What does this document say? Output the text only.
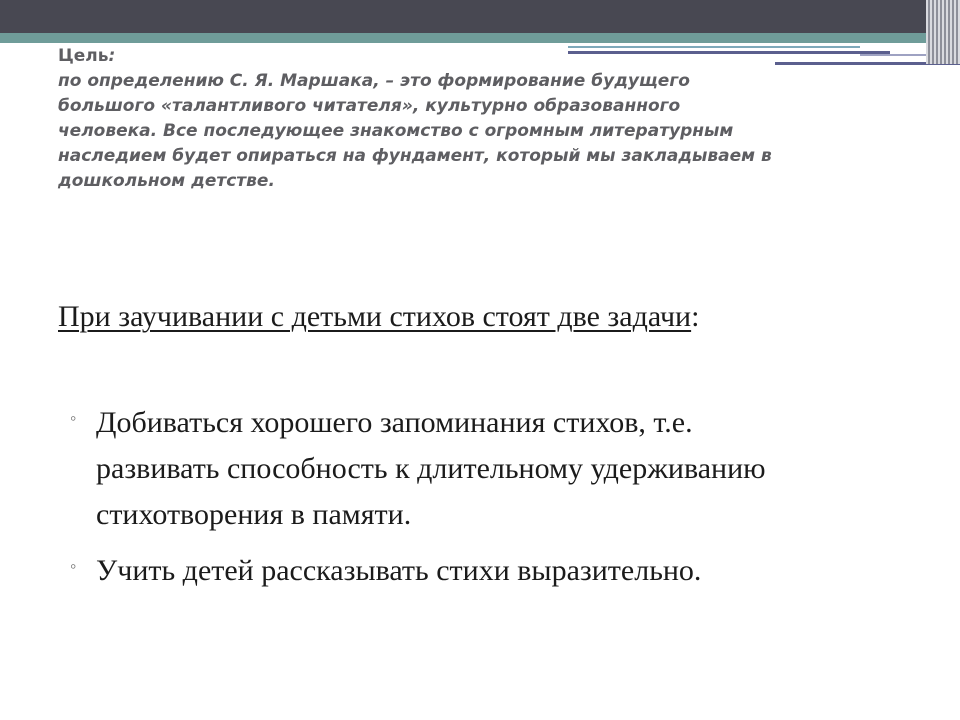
Цель:
по определению С. Я. Маршака, – это формирование будущего большого «талантливого читателя», культурно образованного человека. Все последующее знакомство с огромным литературным наследием будет опираться на фундамент, который мы закладываем в дошкольном детстве.
При заучивании с детьми стихов стоят две задачи:
◦ Добиваться хорошего запоминания стихов, т.е. развивать способность к длительному удерживанию стихотворения в памяти.
◦ Учить детей рассказывать стихи выразительно.
